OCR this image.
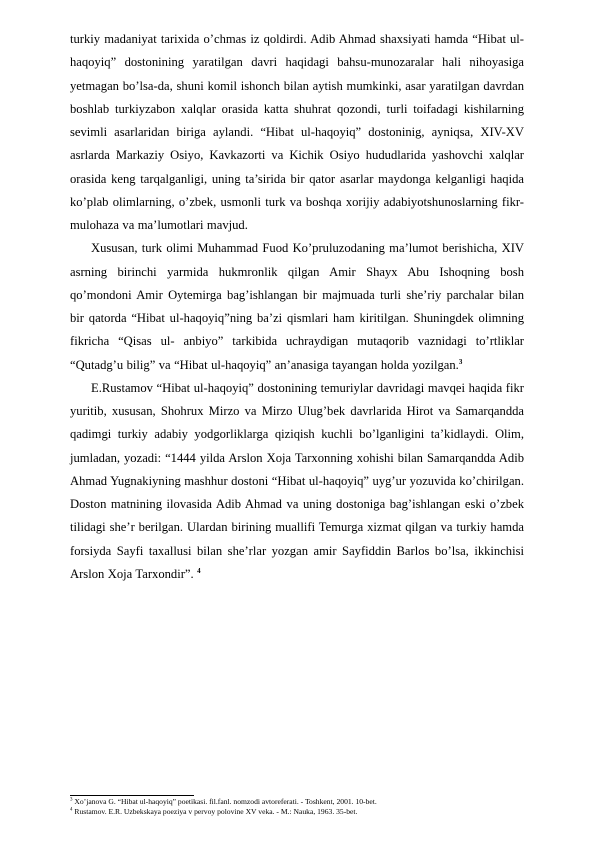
turkiy madaniyat tarixida o’chmas iz qoldirdi. Adib Ahmad shaxsiyati hamda “Hibat ul-haqoyiq” dostonining yaratilgan davri haqidagi bahsu-munozaralar hali nihoyasiga yetmagan bo’lsa-da, shuni komil ishonch bilan aytish mumkinki, asar yaratilgan davrdan boshlab turkiyzabon xalqlar orasida katta shuhrat qozondi, turli toifadagi kishilarning sevimli asarlaridan biriga aylandi. “Hibat ul-haqoyiq” dostoninig, ayniqsa, XIV-XV asrlarda Markaziy Osiyo, Kavkazorti va Kichik Osiyo hududlarida yashovchi xalqlar orasida keng tarqalganligi, uning ta’sirida bir qator asarlar maydonga kelganligi haqida ko’plab olimlarning, o’zbek, usmonli turk va boshqa xorijiy adabiyotshunoslarning fikr-mulohaza va ma’lumotlari mavjud.

Xususan, turk olimi Muhammad Fuod Ko’pruluzodaning ma’lumot berishicha, XIV asrning birinchi yarmida hukmronlik qilgan Amir Shayx Abu Ishoqning bosh qo’mondoni Amir Oytemirga bag’ishlangan bir majmuada turli she’riy parchalar bilan bir qatorda “Hibat ul-haqoyiq”ning ba’zi qismlari ham kiritilgan. Shuningdek olimning fikricha “Qisas ul- anbiyo” tarkibida uchraydigan mutaqorib vaznidagi to’rtliklar “Qutadg’u bilig” va “Hibat ul-haqoyiq” an’anasiga tayangan holda yozilgan.$^3$

E.Rustamov “Hibat ul-haqoyiq” dostonining temuriylar davridagi mavqei haqida fikr yuritib, xususan, Shohrux Mirzo va Mirzo Ulug’bek davrlarida Hirot va Samarqandda qadimgi turkiy adabiy yodgorliklarga qiziqish kuchli bo’lganligini ta’kidlaydi. Olim, jumladan, yozadi: “1444 yilda Arslon Xoja Tarxonning xohishi bilan Samarqandda Adib Ahmad Yugnakiyning mashhur dostoni “Hibat ul-haqoyiq” uyg’ur yozuvida ko’chirilgan. Doston matnining ilovasida Adib Ahmad va uning dostoniga bag’ishlangan eski o’zbek tilidagi she’r berilgan. Ulardan birining muallifi Temurga xizmat qilgan va turkiy hamda forsiyda Sayfi taxallusi bilan she’rlar yozgan amir Sayfiddin Barlos bo’lsa, ikkinchisi Arslon Xoja Tarxondir”. $^4$

$^3$ Xo’janova G. “Hibat ul-haqoyiq” poetikasi. fil.fanl. nomzodi avtoreferati. - Toshkent, 2001. 10-bet.

$^4$ Rustamov. E.R. Uzbekskaya poeziya v pervoy polovine XV veka. - M.: Nauka, 1963. 35-bet.
